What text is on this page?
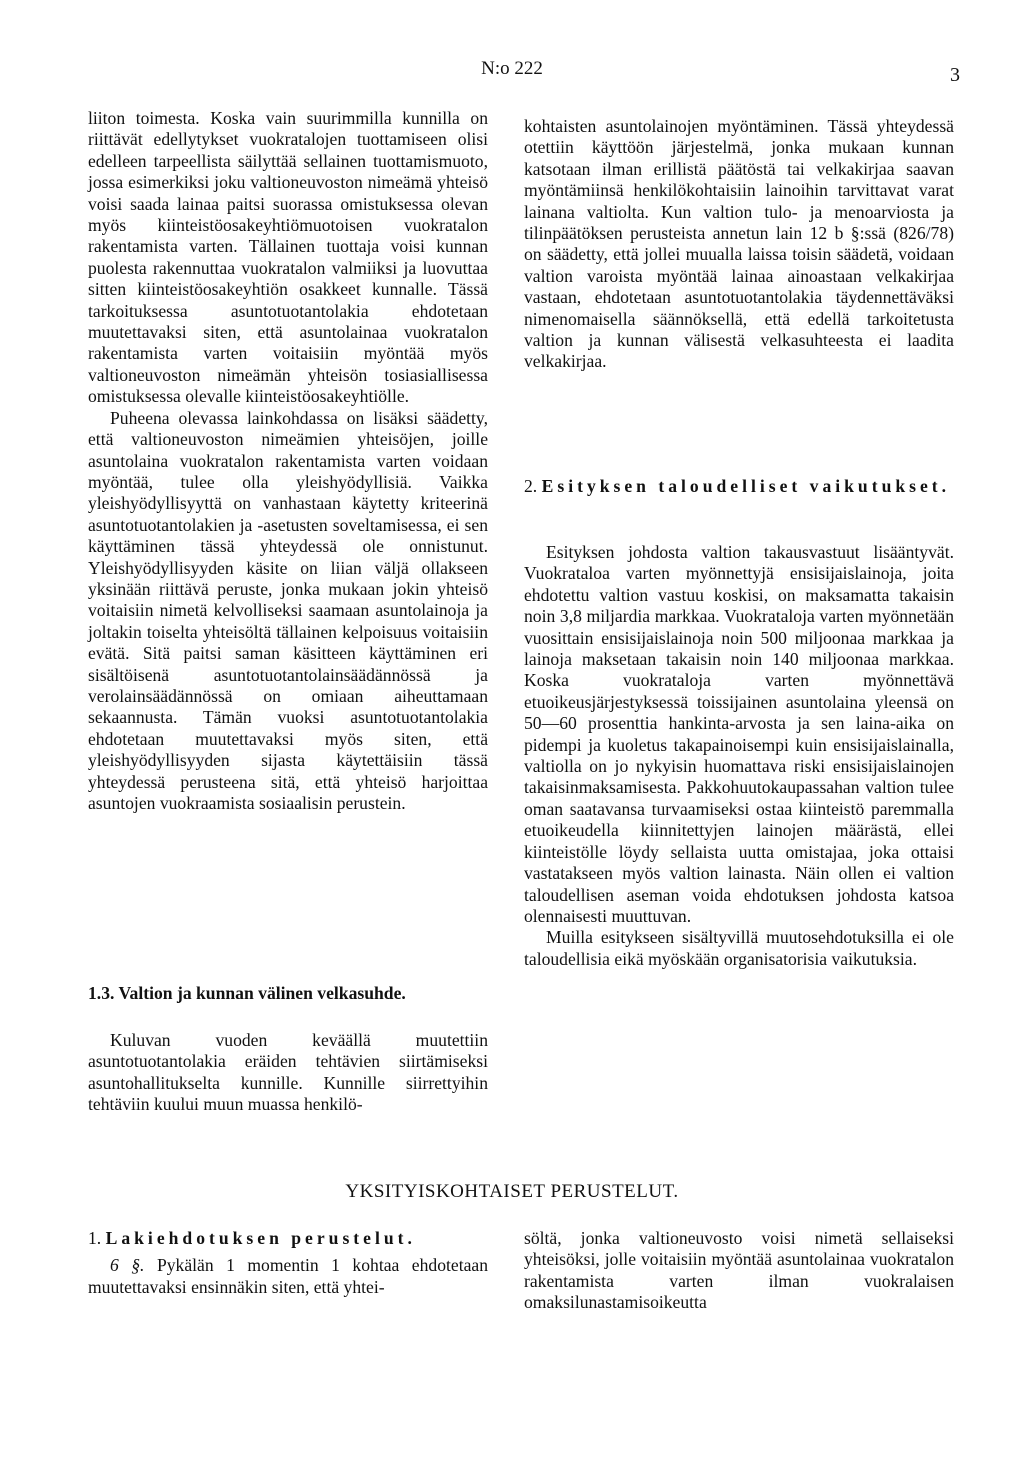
N:o 222	3

liiton toimesta. Koska vain suurimmilla kunnilla on riittävät edellytykset vuokratalojen tuottamiseen olisi edelleen tarpeellista säilyttää sellainen tuottamismuoto, jossa esimerkiksi joku valtioneuvoston nimeämä yhteisö voisi saada lainaa paitsi suorassa omistuksessa olevan myös kiinteistöosakeyhtiömuotoisen vuokratalon rakentamista varten. Tällainen tuottaja voisi kunnan puolesta rakennuttaa vuokratalon valmiiksi ja luovuttaa sitten kiinteistöosakeyhtiön osakkeet kunnalle. Tässä tarkoituksessa asuntotuotantolakia ehdotetaan muutettavaksi siten, että asuntolainaa vuokratalon rakentamista varten voitaisiin myöntää myös valtioneuvoston nimeämän yhteisön tosiasiallisessa omistuksessa olevalle kiinteistöosakeyhtiölle.

Puheena olevassa lainkohdassa on lisäksi säädetty, että valtioneuvoston nimeämien yhteisöjen, joille asuntolaina vuokratalon rakentamista varten voidaan myöntää, tulee olla yleishyödyllisiä. Vaikka yleishyödyllisyyttä on vanhastaan käytetty kriteerinä asuntotuotantolakien ja -asetusten soveltamisessa, ei sen käyttäminen tässä yhteydessä ole onnistunut. Yleishyödyllisyyden käsite on liian väljä ollakseen yksinään riittävä peruste, jonka mukaan jokin yhteisö voitaisiin nimetä kelvolliseksi saamaan asuntolainoja ja joltakin toiselta yhteisöltä tällainen kelpoisuus voitaisiin evätä. Sitä paitsi saman käsitteen käyttäminen eri sisältöisenä asuntotuotantolainsäädännössä ja verolainsäädännössä on omiaan aiheuttamaan sekaannusta. Tämän vuoksi asuntotuotantolakia ehdotetaan muutettavaksi myös siten, että yleishyödyllisyyden sijasta käytettäisiin tässä yhteydessä perusteena sitä, että yhteisö harjoittaa asuntojen vuokraamista sosiaalisin perustein.

1.3. Valtion ja kunnan välinen velkasuhde.

Kuluvan vuoden keväällä muutettiin asuntotuotantolakia eräiden tehtävien siirtämiseksi asuntohallitukselta kunnille. Kunnille siirrettyihin tehtäviin kuului muun muassa henkilö-

kohtaisten asuntolainojen myöntäminen. Tässä yhteydessä otettiin käyttöön järjestelmä, jonka mukaan kunnan katsotaan ilman erillistä päätöstä tai velkakirjaa saavan myöntämiinsä henkilökohtaisiin lainoihin tarvittavat varat lainana valtiolta. Kun valtion tulo- ja menoarviosta ja tilinpäätöksen perusteista annetun lain 12 b §:ssä (826/78) on säädetty, että jollei muualla laissa toisin säädetä, voidaan valtion varoista myöntää lainaa ainoastaan velkakirjaa vastaan, ehdotetaan asuntotuotantolakia täydennettäväksi nimenomaisella säännöksellä, että edellä tarkoitetusta valtion ja kunnan välisestä velkasuhteesta ei laadita velkakirjaa.

2. Esityksen taloudelliset vaikutukset.

Esityksen johdosta valtion takausvastuut lisääntyvät. Vuokrataloa varten myönnettyjä ensisijaislainoja, joita ehdotettu valtion vastuu koskisi, on maksamatta takaisin noin 3,8 miljardia markkaa. Vuokrataloja varten myönnetään vuosittain ensisijaislainoja noin 500 miljoonaa markkaa ja lainoja maksetaan takaisin noin 140 miljoonaa markkaa. Koska vuokrataloja varten myönnettävä etuoikeusjärjestyksessä toissijainen asuntolaina yleensä on 50—60 prosenttia hankinta-arvosta ja sen laina-aika on pidempi ja kuoletus takapainoisempi kuin ensisijaislainalla, valtiolla on jo nykyisin huomattava riski ensisijaislainojen takaisinmaksamisesta. Pakkohuutokaupassahan valtion tulee oman saatavansa turvaamiseksi ostaa kiinteistö paremmalla etuoikeudella kiinnitettyjen lainojen määrästä, ellei kiinteistölle löydy sellaista uutta omistajaa, joka ottaisi vastatakseen myös valtion lainasta. Näin ollen ei valtion taloudellisen aseman voida ehdotuksen johdosta katsoa olennaisesti muuttuvan.

Muilla esitykseen sisältyvillä muutosehdotuksilla ei ole taloudellisia eikä myöskään organisatorisia vaikutuksia.

YKSITYISKOHTAISET PERUSTELUT.

1. Lakiehdotuksen perustelut.

6 §. Pykälän 1 momentin 1 kohtaa ehdotetaan muutettavaksi ensinnäkin siten, että yhtei-

söltä, jonka valtioneuvosto voisi nimetä sellaiseksi yhteisöksi, jolle voitaisiin myöntää asuntolainaa vuokratalon rakentamista varten ilman vuokralaisen omaksilunastamisoikeutta
